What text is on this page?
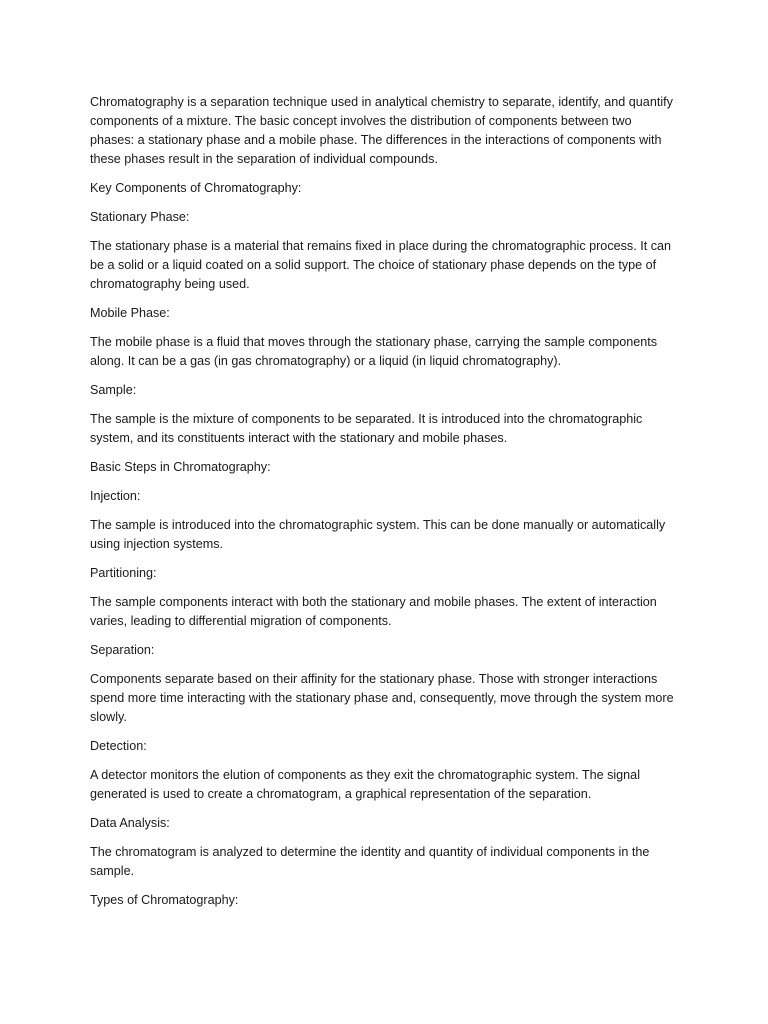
Chromatography is a separation technique used in analytical chemistry to separate, identify, and quantify components of a mixture. The basic concept involves the distribution of components between two phases: a stationary phase and a mobile phase. The differences in the interactions of components with these phases result in the separation of individual compounds.

Key Components of Chromatography:

Stationary Phase:

The stationary phase is a material that remains fixed in place during the chromatographic process. It can be a solid or a liquid coated on a solid support. The choice of stationary phase depends on the type of chromatography being used.

Mobile Phase:

The mobile phase is a fluid that moves through the stationary phase, carrying the sample components along. It can be a gas (in gas chromatography) or a liquid (in liquid chromatography).

Sample:

The sample is the mixture of components to be separated. It is introduced into the chromatographic system, and its constituents interact with the stationary and mobile phases.

Basic Steps in Chromatography:

Injection:

The sample is introduced into the chromatographic system. This can be done manually or automatically using injection systems.

Partitioning:

The sample components interact with both the stationary and mobile phases. The extent of interaction varies, leading to differential migration of components.

Separation:

Components separate based on their affinity for the stationary phase. Those with stronger interactions spend more time interacting with the stationary phase and, consequently, move through the system more slowly.

Detection:

A detector monitors the elution of components as they exit the chromatographic system. The signal generated is used to create a chromatogram, a graphical representation of the separation.

Data Analysis:

The chromatogram is analyzed to determine the identity and quantity of individual components in the sample.

Types of Chromatography:
